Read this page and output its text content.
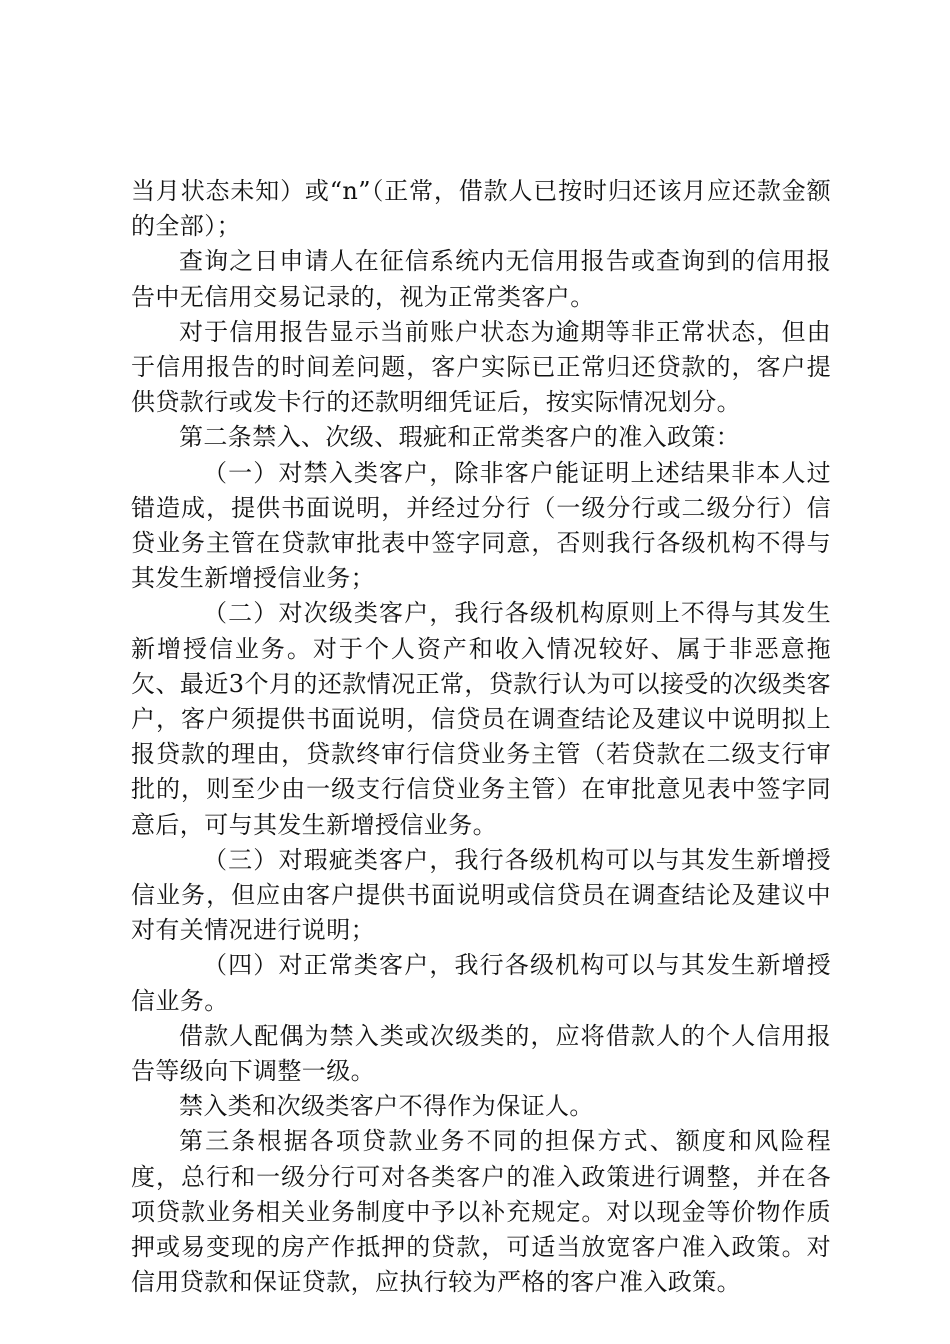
当月状态未知）或“n”（正常，借款人已按时归还该月应还款金额的全部）；

查询之日申请人在征信系统内无信用报告或查询到的信用报告中无信用交易记录的，视为正常类客户。

对于信用报告显示当前账户状态为逾期等非正常状态，但由于信用报告的时间差问题，客户实际已正常归还贷款的，客户提供贷款行或发卡行的还款明细凭证后，按实际情况划分。

第二条禁入、次级、瑕疵和正常类客户的准入政策：

（一）对禁入类客户，除非客户能证明上述结果非本人过错造成，提供书面说明，并经过分行（一级分行或二级分行）信贷业务主管在贷款审批表中签字同意，否则我行各级机构不得与其发生新增授信业务；

（二）对次级类客户，我行各级机构原则上不得与其发生新增授信业务。对于个人资产和收入情况较好、属于非恶意拖欠、最近3个月的还款情况正常，贷款行认为可以接受的次级类客户，客户须提供书面说明，信贷员在调查结论及建议中说明拟上报贷款的理由，贷款终审行信贷业务主管（若贷款在二级支行审批的，则至少由一级支行信贷业务主管）在审批意见表中签字同意后，可与其发生新增授信业务。

（三）对瑕疵类客户，我行各级机构可以与其发生新增授信业务，但应由客户提供书面说明或信贷员在调查结论及建议中对有关情况进行说明；

（四）对正常类客户，我行各级机构可以与其发生新增授信业务。

借款人配偶为禁入类或次级类的，应将借款人的个人信用报告等级向下调整一级。

禁入类和次级类客户不得作为保证人。

第三条根据各项贷款业务不同的担保方式、额度和风险程度，总行和一级分行可对各类客户的准入政策进行调整，并在各项贷款业务相关业务制度中予以补充规定。对以现金等价物作质押或易变现的房产作抵押的贷款，可适当放宽客户准入政策。对信用贷款和保证贷款，应执行较为严格的客户准入政策。
